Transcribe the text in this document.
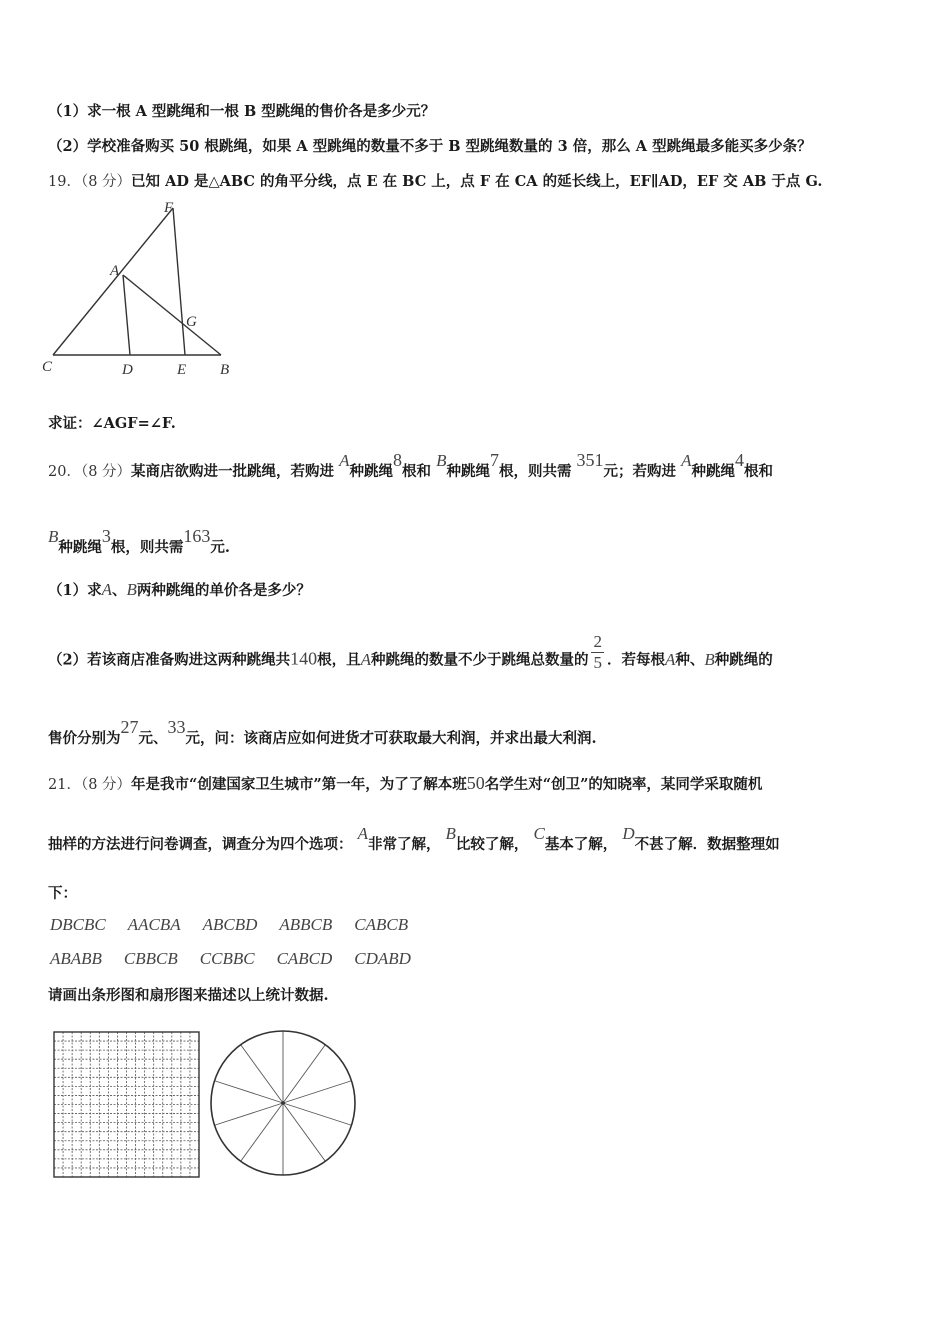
（1）求一根 A 型跳绳和一根 B 型跳绳的售价各是多少元？
（2）学校准备购买 50 根跳绳，如果 A 型跳绳的数量不多于 B 型跳绳数量的 3 倍，那么 A 型跳绳最多能买多少条？
19．（8 分）已知 AD 是△ABC 的角平分线，点 E 在 BC 上，点 F 在 CA 的延长线上，EF∥AD，EF 交 AB 于点 G.
F
A
G
C	D	E B
求证：∠AGF=∠F.
20．（8 分）某商店欲购进一批跳绳，若购进 A种跳绳8根和 B种跳绳7根，则共需 351元；若购进 A种跳绳4根和
B种跳绳3根，则共需163元.
（1）求A、B两种跳绳的单价各是多少？
（2）若该商店准备购进这两种跳绳共140根，且A种跳绳的数量不少于跳绳总数量的 $\frac{2}{5}$ ．若每根A种、B种跳绳的
售价分别为27元、33元，问：该商店应如何进货才可获取最大利润，并求出最大利润.
21．（8 分）年是我市“创建国家卫生城市”第一年，为了了解本班50名学生对“创卫”的知晓率，某同学采取随机
抽样的方法进行问卷调查，调查分为四个选项： A非常了解， B比较了解， C基本了解， D不甚了解．数据整理如
下：
DBCBC AACBA ABCBD ABBCB CABCB
ABABB CBBCB CCBBC CABCD CDABD
请画出条形图和扇形图来描述以上统计数据.
